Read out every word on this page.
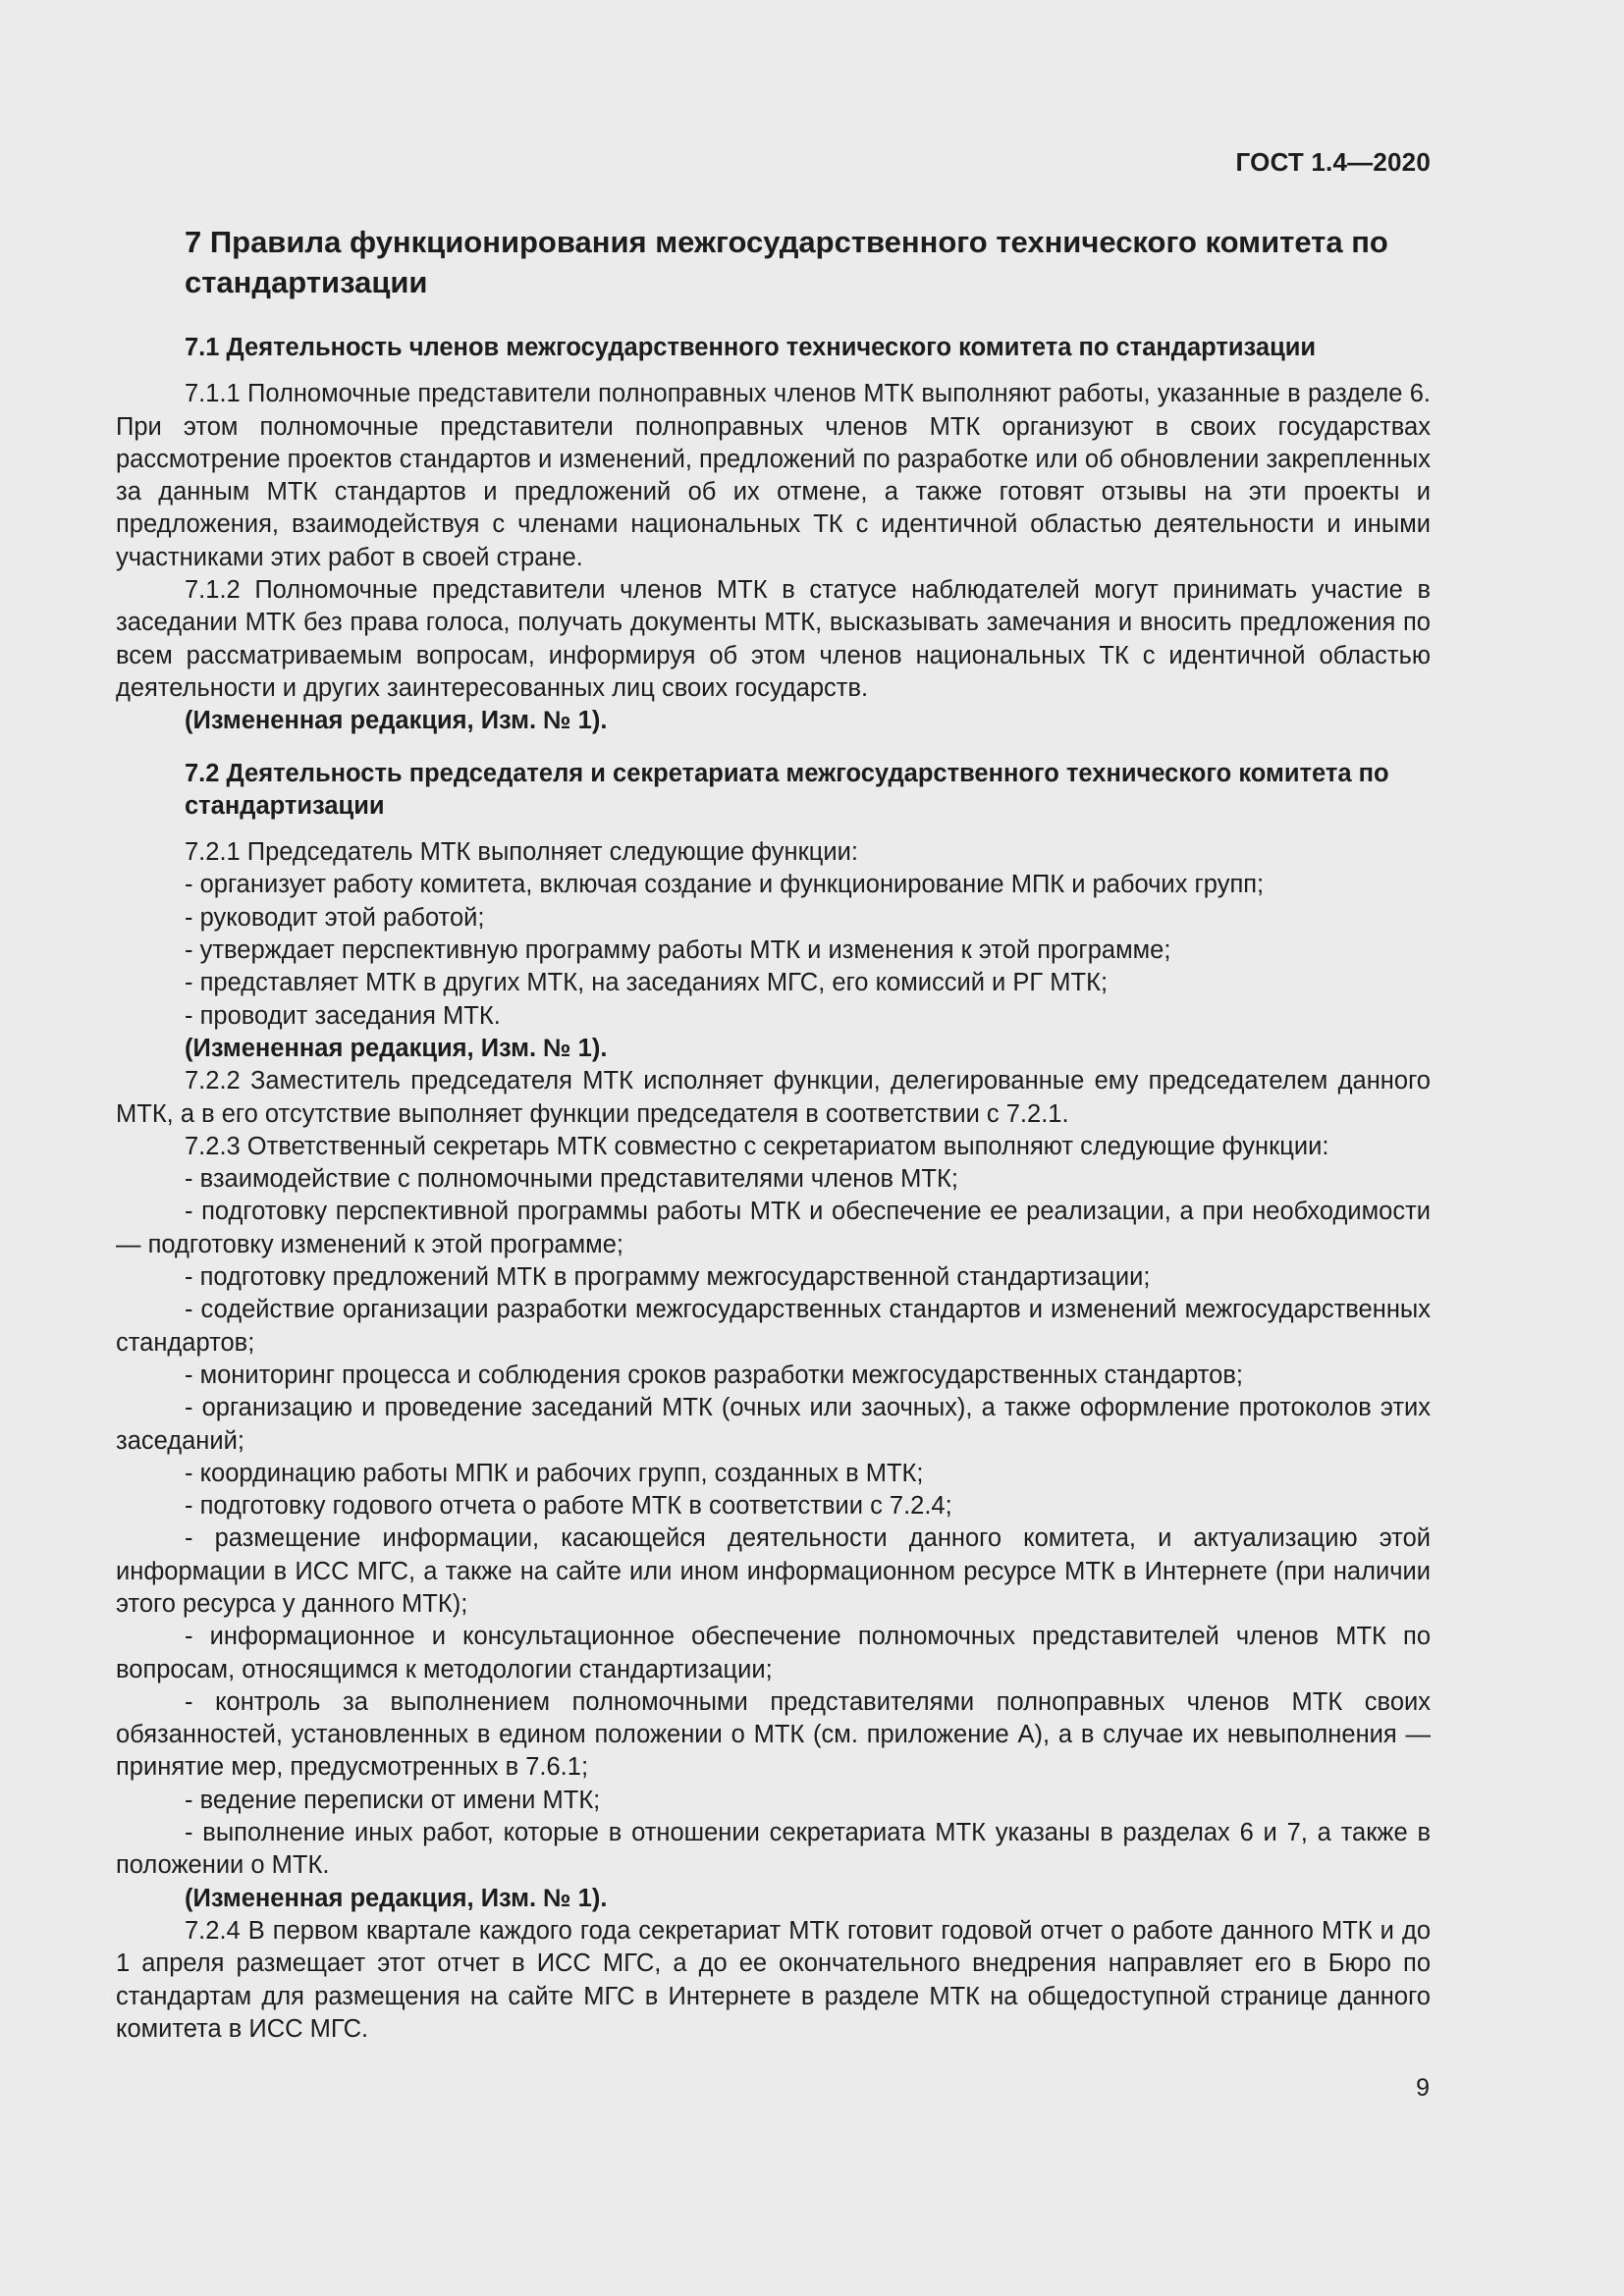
ГОСТ 1.4—2020
7 Правила функционирования межгосударственного технического комитета по стандартизации
7.1 Деятельность членов межгосударственного технического комитета по стандартизации

7.1.1 Полномочные представители полноправных членов МТК выполняют работы, указанные в разделе 6. При этом полномочные представители полноправных членов МТК организуют в своих государствах рассмотрение проектов стандартов и изменений, предложений по разработке или об обновлении закрепленных за данным МТК стандартов и предложений об их отмене, а также готовят отзывы на эти проекты и предложения, взаимодействуя с членами национальных ТК с идентичной областью деятельности и иными участниками этих работ в своей стране.

7.1.2 Полномочные представители членов МТК в статусе наблюдателей могут принимать участие в заседании МТК без права голоса, получать документы МТК, высказывать замечания и вносить предложения по всем рассматриваемым вопросам, информируя об этом членов национальных ТК с идентичной областью деятельности и других заинтересованных лиц своих государств.

(Измененная редакция, Изм. № 1).

7.2 Деятельность председателя и секретариата межгосударственного технического комитета по стандартизации

7.2.1 Председатель МТК выполняет следующие функции:

- организует работу комитета, включая создание и функционирование МПК и рабочих групп;

- руководит этой работой;

- утверждает перспективную программу работы МТК и изменения к этой программе;

- представляет МТК в других МТК, на заседаниях МГС, его комиссий и РГ МТК;

- проводит заседания МТК.

(Измененная редакция, Изм. № 1).

7.2.2 Заместитель председателя МТК исполняет функции, делегированные ему председателем данного МТК, а в его отсутствие выполняет функции председателя в соответствии с 7.2.1.

7.2.3 Ответственный секретарь МТК совместно с секретариатом выполняют следующие функции:

- взаимодействие с полномочными представителями членов МТК;

- подготовку перспективной программы работы МТК и обеспечение ее реализации, а при необходимости — подготовку изменений к этой программе;

- подготовку предложений МТК в программу межгосударственной стандартизации;

- содействие организации разработки межгосударственных стандартов и изменений межгосударственных стандартов;

- мониторинг процесса и соблюдения сроков разработки межгосударственных стандартов;

- организацию и проведение заседаний МТК (очных или заочных), а также оформление протоколов этих заседаний;

- координацию работы МПК и рабочих групп, созданных в МТК;

- подготовку годового отчета о работе МТК в соответствии с 7.2.4;

- размещение информации, касающейся деятельности данного комитета, и актуализацию этой информации в ИСС МГС, а также на сайте или ином информационном ресурсе МТК в Интернете (при наличии этого ресурса у данного МТК);

- информационное и консультационное обеспечение полномочных представителей членов МТК по вопросам, относящимся к методологии стандартизации;

- контроль за выполнением полномочными представителями полноправных членов МТК своих обязанностей, установленных в едином положении о МТК (см. приложение А), а в случае их невыполнения — принятие мер, предусмотренных в 7.6.1;

- ведение переписки от имени МТК;

- выполнение иных работ, которые в отношении секретариата МТК указаны в разделах 6 и 7, а также в положении о МТК.

(Измененная редакция, Изм. № 1).

7.2.4 В первом квартале каждого года секретариат МТК готовит годовой отчет о работе данного МТК и до 1 апреля размещает этот отчет в ИСС МГС, а до ее окончательного внедрения направляет его в Бюро по стандартам для размещения на сайте МГС в Интернете в разделе МТК на общедоступной странице данного комитета в ИСС МГС.

9
